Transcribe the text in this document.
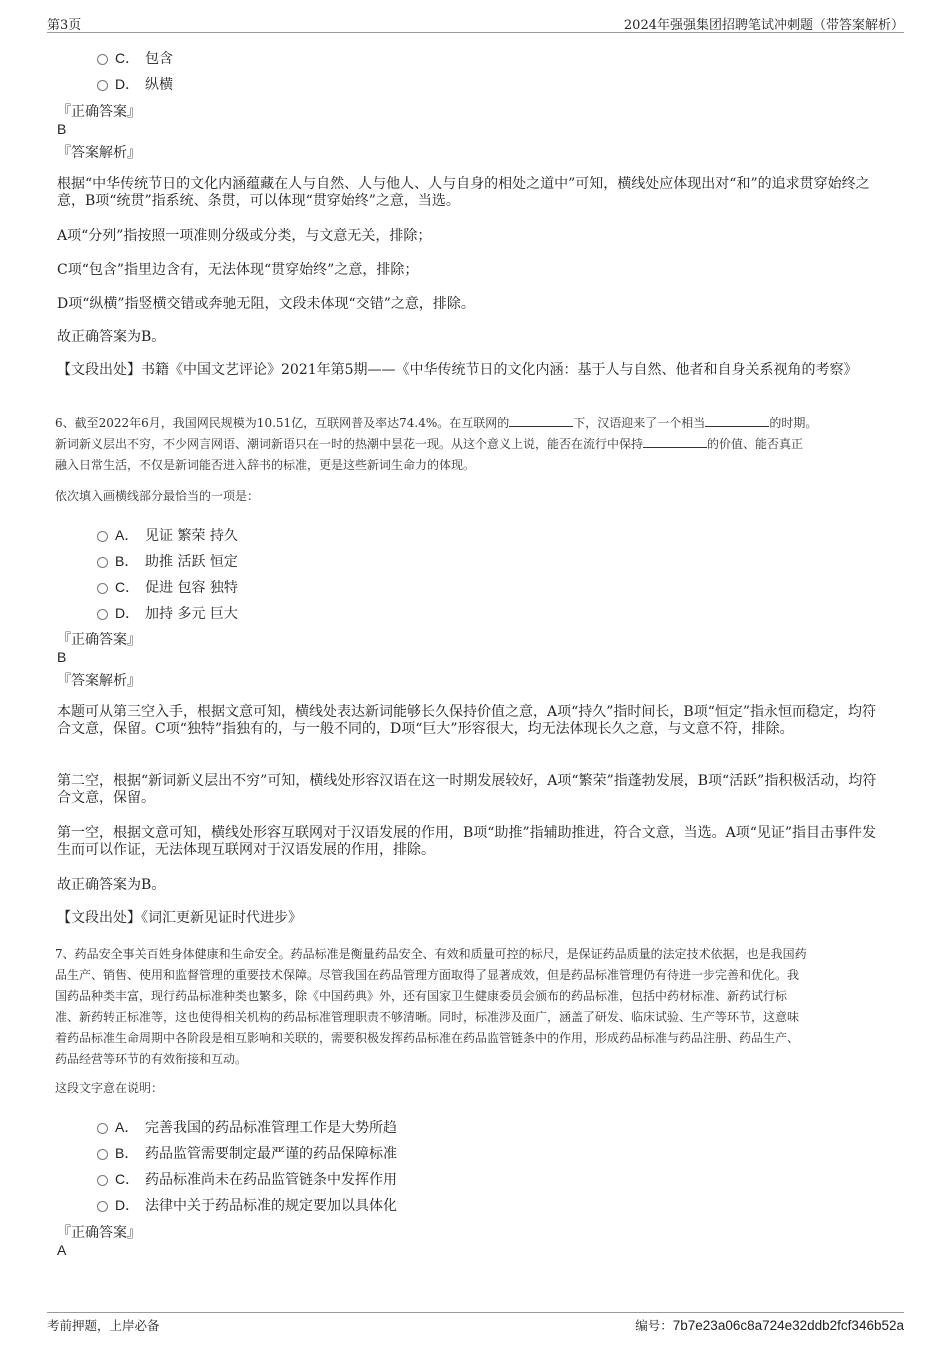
第3页	2024年强强集团招聘笔试冲刺题（带答案解析）
C． 包含
D． 纵横
『正确答案』
B
『答案解析』
根据“中华传统节日的文化内涵蕴藏在人与自然、人与他人、人与自身的相处之道中”可知，横线处应体现出对“和”的追求贯穿始终之意，B项“统贯”指系统、条贯，可以体现“贯穿始终”之意，当选。
A项“分列”指按照一项准则分级或分类，与文意无关，排除；
C项“包含”指里边含有，无法体现“贯穿始终”之意，排除；
D项“纵横”指竖横交错或奔驰无阻，文段未体现“交错”之意，排除。
故正确答案为B。
【文段出处】书籍《中国文艺评论》2021年第5期——《中华传统节日的文化内涵：基于人与自然、他者和自身关系视角的考察》
6、截至2022年6月，我国网民规模为10.51亿，互联网普及率达74.4%。在互联网的	下，汉语迎来了一个相当	的时期。
新词新义层出不穷，不少网言网语、潮词新语只在一时的热潮中昙花一现。从这个意义上说，能否在流行中保持	的价值、能否真正
融入日常生活，不仅是新词能否进入辞书的标准，更是这些新词生命力的体现。
依次填入画横线部分最恰当的一项是：
A． 见证 繁荣 持久
B． 助推 活跃 恒定
C． 促进 包容 独特
D． 加持 多元 巨大
『正确答案』
B
『答案解析』
本题可从第三空入手，根据文意可知，横线处表达新词能够长久保持价值之意，A项“持久”指时间长，B项“恒定”指永恒而稳定，均符合文意，保留。C项“独特”指独有的，与一般不同的，D项“巨大”形容很大，均无法体现长久之意，与文意不符，排除。
第二空，根据“新词新义层出不穷”可知，横线处形容汉语在这一时期发展较好，A项“繁荣”指蓬勃发展，B项“活跃”指积极活动，均符合文意，保留。
第一空，根据文意可知，横线处形容互联网对于汉语发展的作用，B项“助推”指辅助推进，符合文意，当选。A项“见证”指目击事件发生而可以作证，无法体现互联网对于汉语发展的作用，排除。
故正确答案为B。
【文段出处】《词汇更新见证时代进步》
7、药品安全事关百姓身体健康和生命安全。药品标准是衡量药品安全、有效和质量可控的标尺，是保证药品质量的法定技术依据，也是我国药
品生产、销售、使用和监督管理的重要技术保障。尽管我国在药品管理方面取得了显著成效，但是药品标准管理仍有待进一步完善和优化。我
国药品种类丰富，现行药品标准种类也繁多，除《中国药典》外，还有国家卫生健康委员会颁布的药品标准，包括中药材标准、新药试行标
准、新药转正标准等，这也使得相关机构的药品标准管理职责不够清晰。同时，标准涉及面广，涵盖了研发、临床试验、生产等环节，这意味
着药品标准生命周期中各阶段是相互影响和关联的，需要积极发挥药品标准在药品监管链条中的作用，形成药品标准与药品注册、药品生产、
药品经营等环节的有效衔接和互动。
这段文字意在说明：
A． 完善我国的药品标准管理工作是大势所趋
B． 药品监管需要制定最严谨的药品保障标准
C． 药品标准尚未在药品监管链条中发挥作用
D． 法律中关于药品标准的规定要加以具体化
『正确答案』
A
考前押题，上岸必备	编号：7b7e23a06c8a724e32ddb2fcf346b52a
